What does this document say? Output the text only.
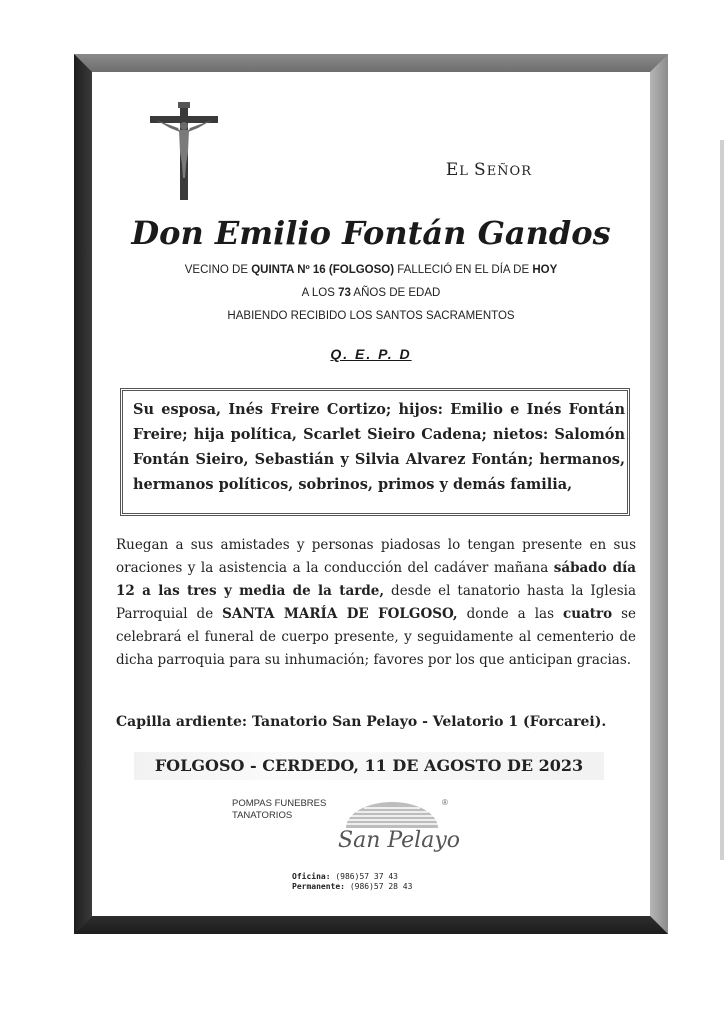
EL SEÑOR
Don Emilio Fontán Gandos
VECINO DE QUINTA Nº 16 (FOLGOSO) FALLECIÓ EN EL DÍA DE HOY
A LOS 73 AÑOS DE EDAD
HABIENDO RECIBIDO LOS SANTOS SACRAMENTOS
Q. E. P. D
Su esposa, Inés Freire Cortizo; hijos: Emilio e Inés Fontán Freire; hija política, Scarlet Sieiro Cadena; nietos: Salomón Fontán Sieiro, Sebastián y Silvia Alvarez Fontán; hermanos, hermanos políticos, sobrinos, primos y demás familia,
Ruegan a sus amistades y personas piadosas lo tengan presente en sus oraciones y la asistencia a la conducción del cadáver mañana sábado día 12 a las tres y media de la tarde, desde el tanatorio hasta la Iglesia Parroquial de SANTA MARÍA DE FOLGOSO, donde a las cuatro se celebrará el funeral de cuerpo presente, y seguidamente al cementerio de dicha parroquia para su inhumación; favores por los que anticipan gracias.
Capilla ardiente: Tanatorio San Pelayo - Velatorio 1 (Forcarei).
FOLGOSO - CERDEDO, 11 DE AGOSTO DE 2023
POMPAS FUNEBRES
TANATORIOS
®
San Pelayo
Oficina: (986)57 37 43
Permanente: (986)57 28 43
